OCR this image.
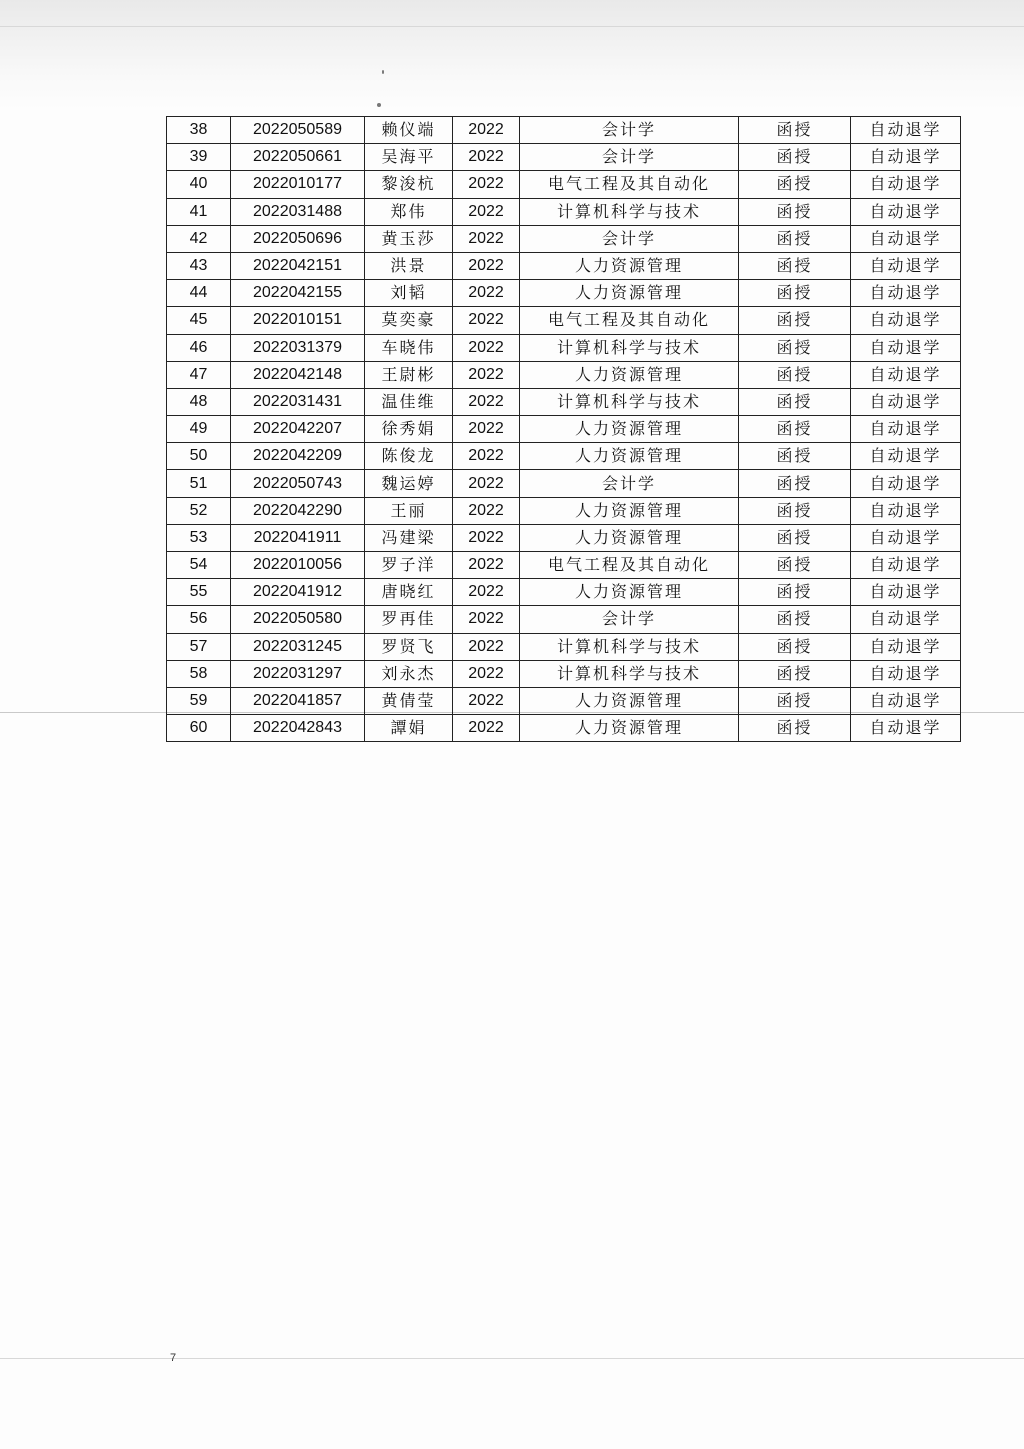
38	2022050589	赖仪端	2022	会计学	函授	自动退学
39	2022050661	吴海平	2022	会计学	函授	自动退学
40	2022010177	黎浚杭	2022	电气工程及其自动化	函授	自动退学
41	2022031488	郑伟	2022	计算机科学与技术	函授	自动退学
42	2022050696	黄玉莎	2022	会计学	函授	自动退学
43	2022042151	洪景	2022	人力资源管理	函授	自动退学
44	2022042155	刘韬	2022	人力资源管理	函授	自动退学
45	2022010151	莫奕豪	2022	电气工程及其自动化	函授	自动退学
46	2022031379	车晓伟	2022	计算机科学与技术	函授	自动退学
47	2022042148	王尉彬	2022	人力资源管理	函授	自动退学
48	2022031431	温佳维	2022	计算机科学与技术	函授	自动退学
49	2022042207	徐秀娟	2022	人力资源管理	函授	自动退学
50	2022042209	陈俊龙	2022	人力资源管理	函授	自动退学
51	2022050743	魏运婷	2022	会计学	函授	自动退学
52	2022042290	王丽	2022	人力资源管理	函授	自动退学
53	2022041911	冯建梁	2022	人力资源管理	函授	自动退学
54	2022010056	罗子洋	2022	电气工程及其自动化	函授	自动退学
55	2022041912	唐晓红	2022	人力资源管理	函授	自动退学
56	2022050580	罗再佳	2022	会计学	函授	自动退学
57	2022031245	罗贤飞	2022	计算机科学与技术	函授	自动退学
58	2022031297	刘永杰	2022	计算机科学与技术	函授	自动退学
59	2022041857	黄倩莹	2022	人力资源管理	函授	自动退学
60	2022042843	譚娟	2022	人力资源管理	函授	自动退学
7
